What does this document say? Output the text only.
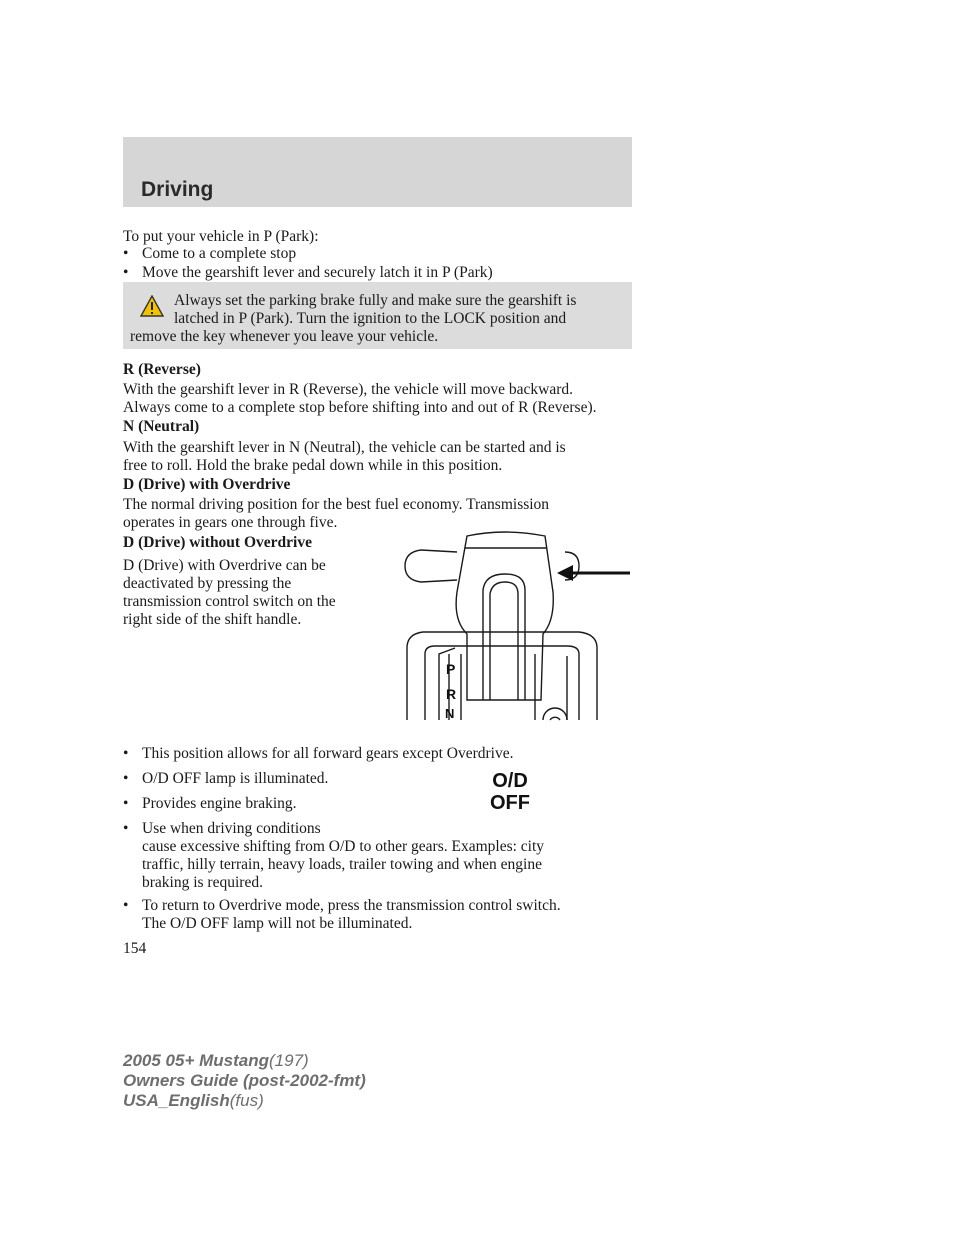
Driving
To put your vehicle in P (Park):
• Come to a complete stop
• Move the gearshift lever and securely latch it in P (Park)
Always set the parking brake fully and make sure the gearshift is
latched in P (Park). Turn the ignition to the LOCK position and
remove the key whenever you leave your vehicle.
R (Reverse)
With the gearshift lever in R (Reverse), the vehicle will move backward.
Always come to a complete stop before shifting into and out of R (Reverse).
N (Neutral)
With the gearshift lever in N (Neutral), the vehicle can be started and is
free to roll. Hold the brake pedal down while in this position.
D (Drive) with Overdrive
The normal driving position for the best fuel economy. Transmission
operates in gears one through five.
D (Drive) without Overdrive
D (Drive) with Overdrive can be
deactivated by pressing the
transmission control switch on the
right side of the shift handle.
P
R
N
• This position allows for all forward gears except Overdrive.
• O/D OFF lamp is illuminated.
• Provides engine braking.
• Use when driving conditions
cause excessive shifting from O/D to other gears. Examples: city
traffic, hilly terrain, heavy loads, trailer towing and when engine
braking is required.
• To return to Overdrive mode, press the transmission control switch.
The O/D OFF lamp will not be illuminated.
O/D
OFF
154
2005 05+ Mustang(197)
Owners Guide (post-2002-fmt)
USA_English(fus)
